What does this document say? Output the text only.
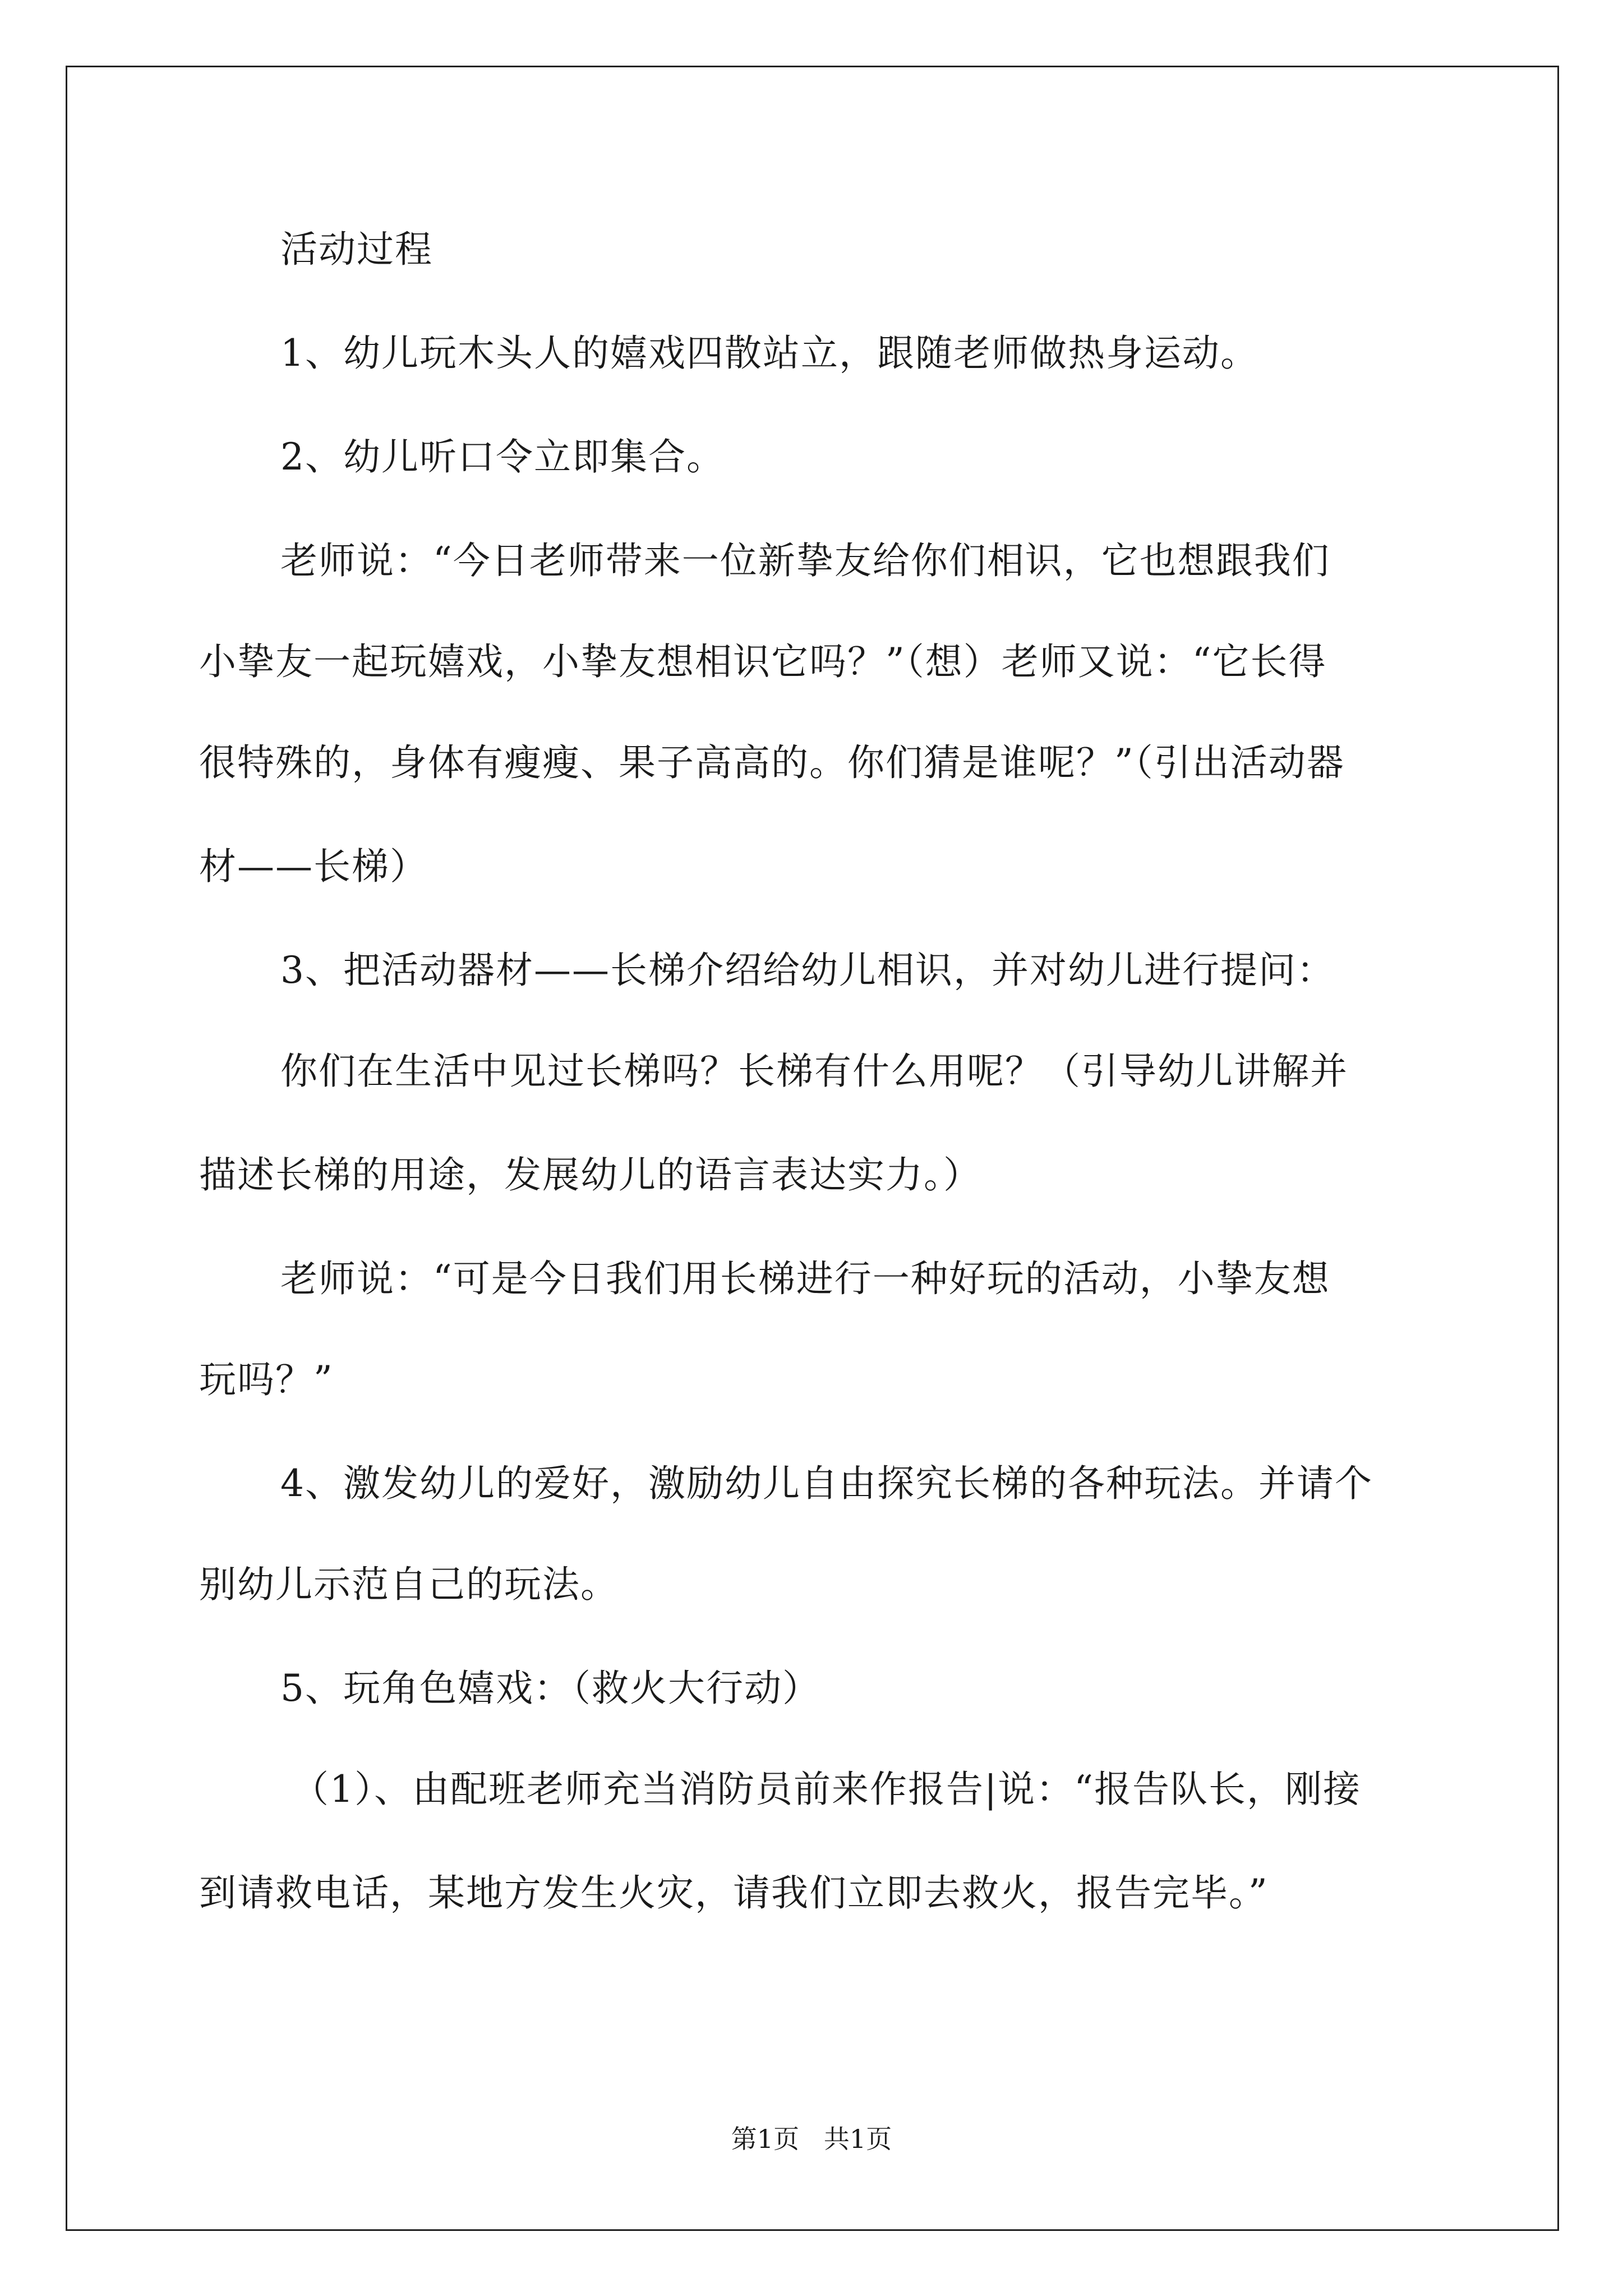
活动过程
1、幼儿玩木头人的嬉戏四散站立，跟随老师做热身运动。
2、幼儿听口令立即集合。
老师说：“今日老师带来一位新挚友给你们相识，它也想跟我们
小挚友一起玩嬉戏，小挚友想相识它吗？”（想）老师又说：“它长得
很特殊的，身体有瘦瘦、果子高高的。你们猜是谁呢？”（引出活动器
材——长梯）
3、把活动器材——长梯介绍给幼儿相识，并对幼儿进行提问：
你们在生活中见过长梯吗？长梯有什么用呢？（引导幼儿讲解并
描述长梯的用途，发展幼儿的语言表达实力。）
老师说：“可是今日我们用长梯进行一种好玩的活动，小挚友想
玩吗？”
4、激发幼儿的爱好，激励幼儿自由探究长梯的各种玩法。并请个
别幼儿示范自己的玩法。
5、玩角色嬉戏：（救火大行动）
（1）、由配班老师充当消防员前来作报告|说：“报告队长，刚接
到请救电话，某地方发生火灾，请我们立即去救火，报告完毕。”
第1页   共1页
